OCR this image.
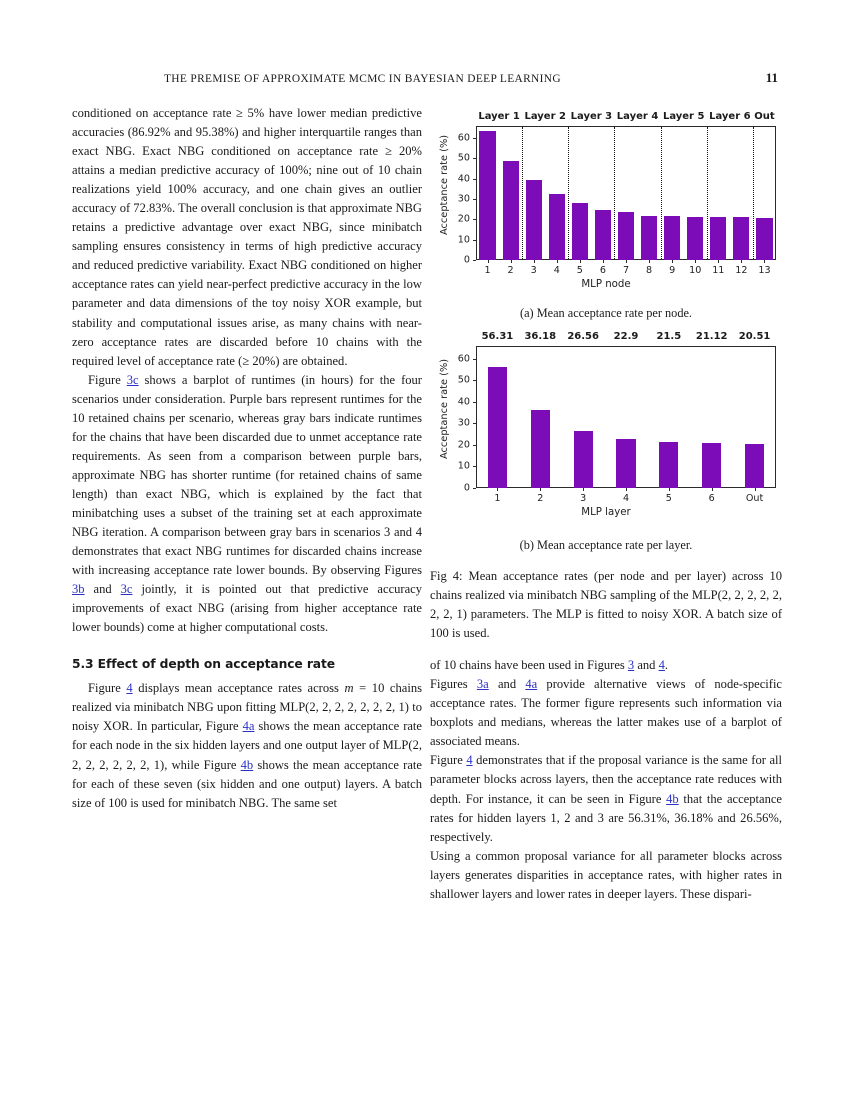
THE PREMISE OF APPROXIMATE MCMC IN BAYESIAN DEEP LEARNING	11

conditioned on acceptance rate ≥ 5% have lower median predictive accuracies (86.92% and 95.38%) and higher interquartile ranges than exact NBG. Exact NBG conditioned on acceptance rate ≥ 20% attains a median predictive accuracy of 100%; nine out of 10 chain realizations yield 100% accuracy, and one chain gives an outlier accuracy of 72.83%. The overall conclusion is that approximate NBG retains a predictive advantage over exact NBG, since minibatch sampling ensures consistency in terms of high predictive accuracy and reduced predictive variability. Exact NBG conditioned on higher acceptance rates can yield near-perfect predictive accuracy in the low parameter and data dimensions of the toy noisy XOR example, but stability and computational issues arise, as many chains with near-zero acceptance rates are discarded before 10 chains with the required level of acceptance rate (≥ 20%) are obtained.

Figure 3c shows a barplot of runtimes (in hours) for the four scenarios under consideration. Purple bars represent runtimes for the 10 retained chains per scenario, whereas gray bars indicate runtimes for the chains that have been discarded due to unmet acceptance rate requirements. As seen from a comparison between purple bars, approximate NBG has shorter runtime (for retained chains of same length) than exact NBG, which is explained by the fact that minibatching uses a subset of the training set at each approximate NBG iteration. A comparison between gray bars in scenarios 3 and 4 demonstrates that exact NBG runtimes for discarded chains increase with increasing acceptance rate lower bounds. By observing Figures 3b and 3c jointly, it is pointed out that predictive accuracy improvements of exact NBG (arising from higher acceptance rate lower bounds) come at higher computational costs.

5.3 Effect of depth on acceptance rate

Figure 4 displays mean acceptance rates across m = 10 chains realized via minibatch NBG upon fitting MLP(2, 2, 2, 2, 2, 2, 2, 1) to noisy XOR. In particular, Figure 4a shows the mean acceptance rate for each node in the six hidden layers and one output layer of MLP(2, 2, 2, 2, 2, 2, 2, 1), while Figure 4b shows the mean acceptance rate for each of these seven (six hidden and one output) layers. A batch size of 100 is used for minibatch NBG. The same set

Acceptance rate (%)
0
10
20
30
40
50
60
1 2 3 4 5 6 7 8 9 10 11 12 13
Layer 1 Layer 2 Layer 3 Layer 4 Layer 5 Layer 6 Out
MLP node

(a) Mean acceptance rate per node.

Acceptance rate (%)
0
10
20
30
40
50
60
1
56.31
2
36.18
3
26.56
4
22.9
5
21.5
6
21.12
Out
20.51
MLP layer

(b) Mean acceptance rate per layer.

Fig 4: Mean acceptance rates (per node and per layer) across 10 chains realized via minibatch NBG sampling of the MLP(2, 2, 2, 2, 2, 2, 2, 1) parameters. The MLP is fitted to noisy XOR. A batch size of 100 is used.

of 10 chains have been used in Figures 3 and 4.

Figures 3a and 4a provide alternative views of node-specific acceptance rates. The former figure represents such information via boxplots and medians, whereas the latter makes use of a barplot of associated means.

Figure 4 demonstrates that if the proposal variance is the same for all parameter blocks across layers, then the acceptance rate reduces with depth. For instance, it can be seen in Figure 4b that the acceptance rates for hidden layers 1, 2 and 3 are 56.31%, 36.18% and 26.56%, respectively.

Using a common proposal variance for all parameter blocks across layers generates disparities in acceptance rates, with higher rates in shallower layers and lower rates in deeper layers. These dispari-
